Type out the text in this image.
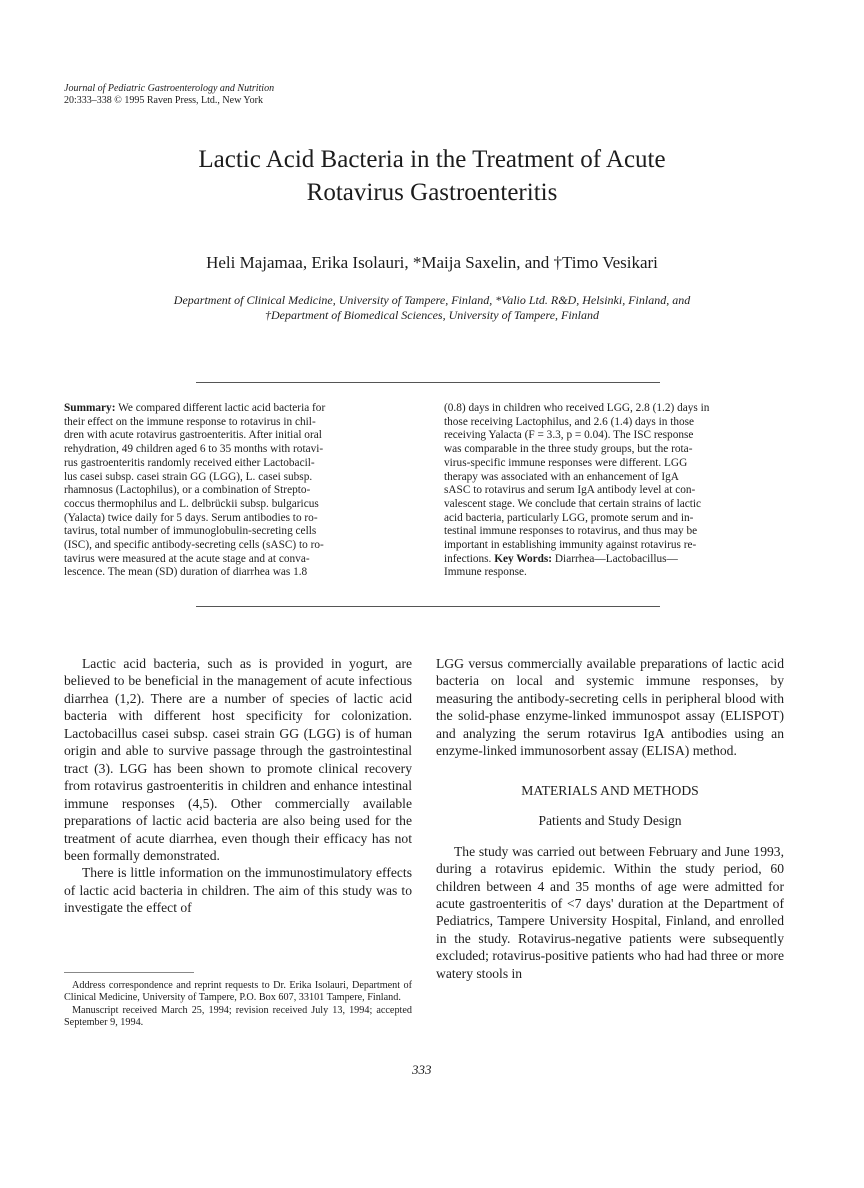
Journal of Pediatric Gastroenterology and Nutrition
20:333–338 © 1995 Raven Press, Ltd., New York
Lactic Acid Bacteria in the Treatment of Acute
Rotavirus Gastroenteritis
Heli Majamaa, Erika Isolauri, *Maija Saxelin, and †Timo Vesikari
Department of Clinical Medicine, University of Tampere, Finland, *Valio Ltd. R&D, Helsinki, Finland, and
†Department of Biomedical Sciences, University of Tampere, Finland
Summary: We compared different lactic acid bacteria for
their effect on the immune response to rotavirus in chil-
dren with acute rotavirus gastroenteritis. After initial oral
rehydration, 49 children aged 6 to 35 months with rotavi-
rus gastroenteritis randomly received either Lactobacil-
lus casei subsp. casei strain GG (LGG), L. casei subsp.
rhamnosus (Lactophilus), or a combination of Strepto-
coccus thermophilus and L. delbrückii subsp. bulgaricus
(Yalacta) twice daily for 5 days. Serum antibodies to ro-
tavirus, total number of immunoglobulin-secreting cells
(ISC), and specific antibody-secreting cells (sASC) to ro-
tavirus were measured at the acute stage and at conva-
lescence. The mean (SD) duration of diarrhea was 1.8
(0.8) days in children who received LGG, 2.8 (1.2) days in
those receiving Lactophilus, and 2.6 (1.4) days in those
receiving Yalacta (F = 3.3, p = 0.04). The ISC response
was comparable in the three study groups, but the rota-
virus-specific immune responses were different. LGG
therapy was associated with an enhancement of IgA
sASC to rotavirus and serum IgA antibody level at con-
valescent stage. We conclude that certain strains of lactic
acid bacteria, particularly LGG, promote serum and in-
testinal immune responses to rotavirus, and thus may be
important in establishing immunity against rotavirus re-
infections. Key Words: Diarrhea—Lactobacillus—
Immune response.

Lactic acid bacteria, such as is provided in yogurt, are believed to be beneficial in the management of acute infectious diarrhea (1,2). There are a number of species of lactic acid bacteria with different host specificity for colonization. Lactobacillus casei subsp. casei strain GG (LGG) is of human origin and able to survive passage through the gastrointestinal tract (3). LGG has been shown to promote clinical recovery from rotavirus gastroenteritis in children and enhance intestinal immune responses (4,5). Other commercially available preparations of lactic acid bacteria are also being used for the treatment of acute diarrhea, even though their efficacy has not been formally demonstrated.

There is little information on the immunostimulatory effects of lactic acid bacteria in children. The aim of this study was to investigate the effect of

Address correspondence and reprint requests to Dr. Erika Isolauri, Department of Clinical Medicine, University of Tampere, P.O. Box 607, 33101 Tampere, Finland.

Manuscript received March 25, 1994; revision received July 13, 1994; accepted September 9, 1994.

LGG versus commercially available preparations of lactic acid bacteria on local and systemic immune responses, by measuring the antibody-secreting cells in peripheral blood with the solid-phase enzyme-linked immunospot assay (ELISPOT) and analyzing the serum rotavirus IgA antibodies using an enzyme-linked immunosorbent assay (ELISA) method.

MATERIALS AND METHODS

Patients and Study Design

The study was carried out between February and June 1993, during a rotavirus epidemic. Within the study period, 60 children between 4 and 35 months of age were admitted for acute gastroenteritis of <7 days' duration at the Department of Pediatrics, Tampere University Hospital, Finland, and enrolled in the study. Rotavirus-negative patients were subsequently excluded; rotavirus-positive patients who had had three or more watery stools in

333
